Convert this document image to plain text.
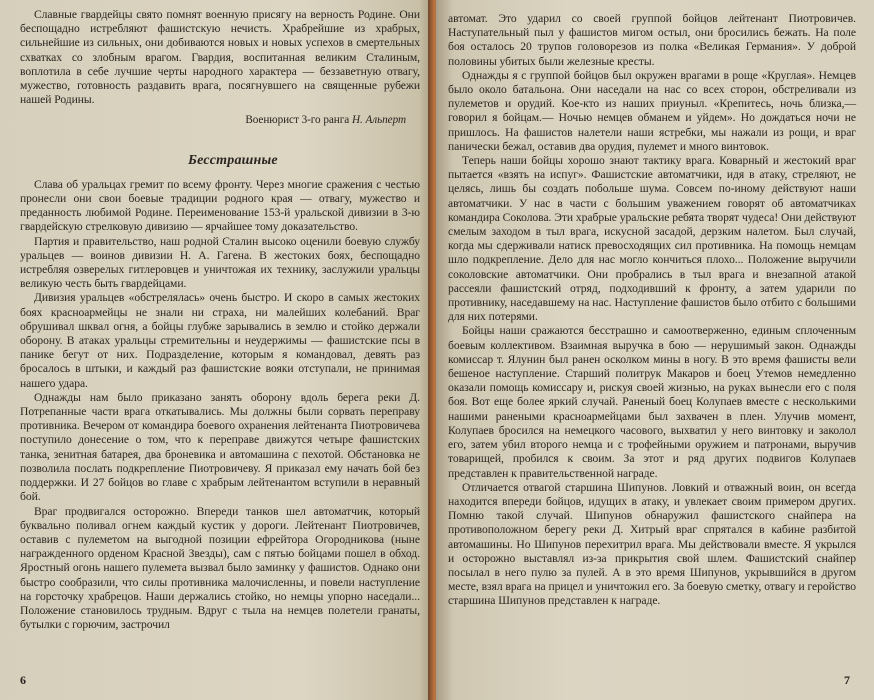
Славные гвардейцы свято помнят военную присягу на верность Родине. Они беспощадно истребляют фашистскую нечисть. Храбрейшие из храбрых, сильнейшие из сильных, они добиваются новых и новых успехов в смертельных схватках со злобным врагом. Гвардия, воспитанная великим Сталиным, воплотила в себе лучшие черты народного характера — беззаветную отвагу, мужество, готовность раздавить врага, посягнувшего на священные рубежи нашей Родины.

Военюрист 3-го ранга Н. Альперт
Бесстрашные

Слава об уральцах гремит по всему фронту. Через многие сражения с честью пронесли они свои боевые традиции родного края — отвагу, мужество и преданность любимой Родине. Переименование 153-й уральской дивизии в 3-ю гвардейскую стрелковую дивизию — ярчайшее тому доказательство.

Партия и правительство, наш родной Сталин высоко оценили боевую службу уральцев — воинов дивизии Н. А. Гагена. В жестоких боях, беспощадно истребляя озверелых гитлеровцев и уничтожая их технику, заслужили уральцы великую честь быть гвардейцами.

Дивизия уральцев «обстрелялась» очень быстро. И скоро в самых жестоких боях красноармейцы не знали ни страха, ни малейших колебаний. Враг обрушивал шквал огня, а бойцы глубже зарывались в землю и стойко держали оборону. В атаках уральцы стремительны и неудержимы — фашистские псы в панике бегут от них. Подразделение, которым я командовал, девять раз бросалось в штыки, и каждый раз фашистские вояки отступали, не принимая нашего удара.

Однажды нам было приказано занять оборону вдоль берега реки Д. Потрепанные части врага откатывались. Мы должны были сорвать переправу противника. Вечером от командира боевого охранения лейтенанта Пиотровичева поступило донесение о том, что к переправе движутся четыре фашистских танка, зенитная батарея, два броневика и автомашина с пехотой. Обстановка не позволила послать подкрепление Пиотровичеву. Я приказал ему начать бой без поддержки. И 27 бойцов во главе с храбрым лейтенантом вступили в неравный бой.

Враг продвигался осторожно. Впереди танков шел автоматчик, который буквально поливал огнем каждый кустик у дороги. Лейтенант Пиотровичев, оставив с пулеметом на выгодной позиции ефрейтора Огородникова (ныне награжденного орденом Красной Звезды), сам с пятью бойцами пошел в обход. Яростный огонь нашего пулемета вызвал было заминку у фашистов. Однако они быстро сообразили, что силы противника малочисленны, и повели наступление на горсточку храбрецов. Наши держались стойко, но немцы упорно наседали... Положение становилось трудным. Вдруг с тыла на немцев полетели гранаты, бутылки с горючим, застрочил

6

автомат. Это ударил со своей группой бойцов лейтенант Пиотровичев. Наступательный пыл у фашистов мигом остыл, они бросились бежать. На поле боя осталось 20 трупов головорезов из полка «Великая Германия». У доброй половины убитых были железные кресты.

Однажды я с группой бойцов был окружен врагами в роще «Круглая». Немцев было около батальона. Они наседали на нас со всех сторон, обстреливали из пулеметов и орудий. Кое-кто из наших приуныл. «Крепитесь, ночь близка,— говорил я бойцам.— Ночью немцев обманем и уйдем». Но дождаться ночи не пришлось. На фашистов налетели наши ястребки, мы нажали из рощи, и враг панически бежал, оставив два орудия, пулемет и много винтовок.

Теперь наши бойцы хорошо знают тактику врага. Коварный и жестокий враг пытается «взять на испуг». Фашистские автоматчики, идя в атаку, стреляют, не целясь, лишь бы создать побольше шума. Совсем по-иному действуют наши автоматчики. У нас в части с большим уважением говорят об автоматчиках командира Соколова. Эти храбрые уральские ребята творят чудеса! Они действуют смелым заходом в тыл врага, искусной засадой, дерзким налетом. Был случай, когда мы сдерживали натиск превосходящих сил противника. На помощь немцам шло подкрепление. Дело для нас могло кончиться плохо... Положение выручили соколовские автоматчики. Они пробрались в тыл врага и внезапной атакой рассеяли фашистский отряд, подходивший к фронту, а затем ударили по противнику, наседавшему на нас. Наступление фашистов было отбито с большими для них потерями.

Бойцы наши сражаются бесстрашно и самоотверженно, единым сплоченным боевым коллективом. Взаимная выручка в бою — нерушимый закон. Однажды комиссар т. Ялунин был ранен осколком мины в ногу. В это время фашисты вели бешеное наступление. Старший политрук Макаров и боец Утемов немедленно оказали помощь комиссару и, рискуя своей жизнью, на руках вынесли его с поля боя. Вот еще более яркий случай. Раненый боец Колупаев вместе с несколькими нашими ранеными красноармейцами был захвачен в плен. Улучив момент, Колупаев бросился на немецкого часового, выхватил у него винтовку и заколол его, затем убил второго немца и с трофейными оружием и патронами, выручив товарищей, пробился к своим. За этот и ряд других подвигов Колупаев представлен к правительственной награде.

Отличается отвагой старшина Шипунов. Ловкий и отважный воин, он всегда находится впереди бойцов, идущих в атаку, и увлекает своим примером других. Помню такой случай. Шипунов обнаружил фашистского снайпера на противоположном берегу реки Д. Хитрый враг спрятался в кабине разбитой автомашины. Но Шипунов перехитрил врага. Мы действовали вместе. Я укрылся и осторожно выставлял из-за прикрытия свой шлем. Фашистский снайпер посылал в него пулю за пулей. А в это время Шипунов, укрывшийся в другом месте, взял врага на прицел и уничтожил его. За боевую сметку, отвагу и геройство старшина Шипунов представлен к награде.

7
